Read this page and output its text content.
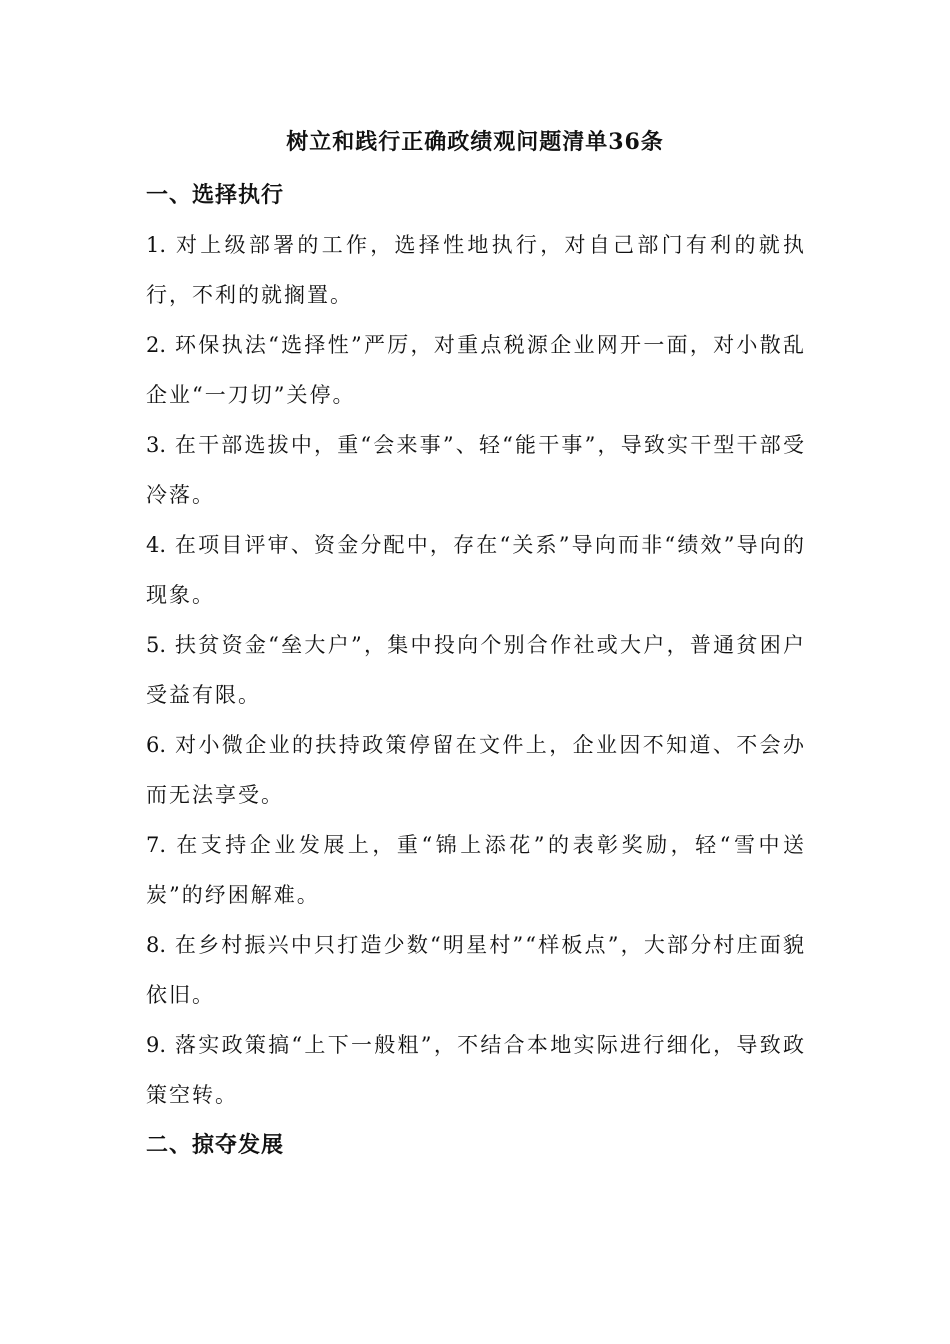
树立和践行正确政绩观问题清单36条
一、选择执行

1. 对上级部署的工作，选择性地执行，对自己部门有利的就执行，不利的就搁置。

2. 环保执法“选择性”严厉，对重点税源企业网开一面，对小散乱企业“一刀切”关停。

3. 在干部选拔中，重“会来事”、轻“能干事”，导致实干型干部受冷落。

4. 在项目评审、资金分配中，存在“关系”导向而非“绩效”导向的现象。

5. 扶贫资金“垒大户”，集中投向个别合作社或大户，普通贫困户受益有限。

6. 对小微企业的扶持政策停留在文件上，企业因不知道、不会办而无法享受。

7. 在支持企业发展上，重“锦上添花”的表彰奖励，轻“雪中送炭”的纾困解难。

8. 在乡村振兴中只打造少数“明星村”“样板点”，大部分村庄面貌依旧。

9. 落实政策搞“上下一般粗”，不结合本地实际进行细化，导致政策空转。

二、掠夺发展
